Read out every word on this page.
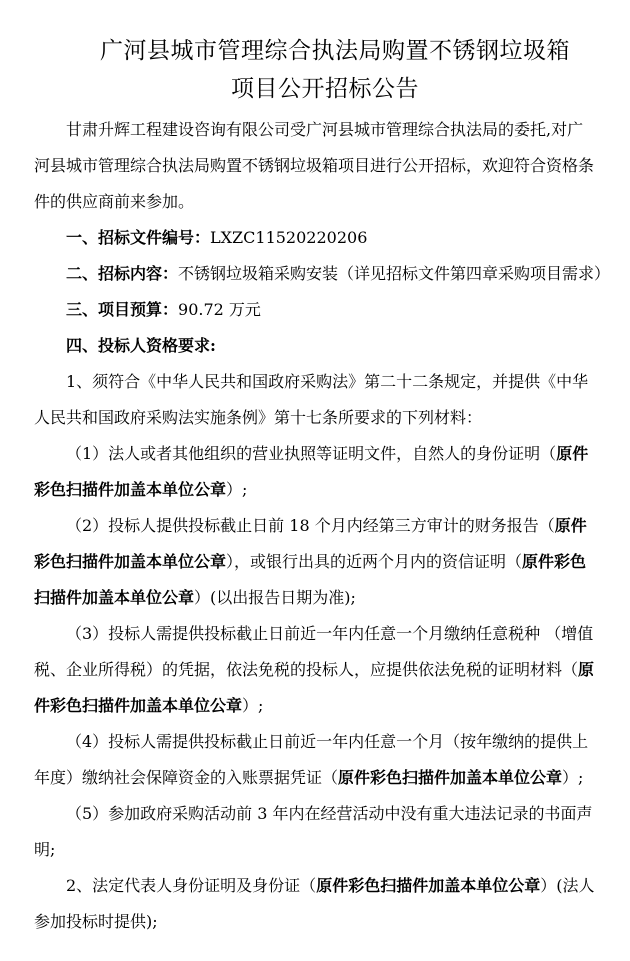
广河县城市管理综合执法局购置不锈钢垃圾箱
项目公开招标公告
甘肃升辉工程建设咨询有限公司受广河县城市管理综合执法局的委托,对广
河县城市管理综合执法局购置不锈钢垃圾箱项目进行公开招标，欢迎符合资格条
件的供应商前来参加。
一、招标文件编号：LXZC11520220206
二、招标内容：不锈钢垃圾箱采购安装（详见招标文件第四章采购项目需求）
三、项目预算：90.72 万元
四、投标人资格要求:
1、须符合《中华人民共和国政府采购法》第二十二条规定，并提供《中华
人民共和国政府采购法实施条例》第十七条所要求的下列材料：
（1）法人或者其他组织的营业执照等证明文件，自然人的身份证明（原件
彩色扫描件加盖本单位公章）;
（2）投标人提供投标截止日前 18 个月内经第三方审计的财务报告（原件
彩色扫描件加盖本单位公章），或银行出具的近两个月内的资信证明（原件彩色
扫描件加盖本单位公章）(以出报告日期为准);
（3）投标人需提供投标截止日前近一年内任意一个月缴纳任意税种 （增值
税、企业所得税）的凭据，依法免税的投标人，应提供依法免税的证明材料（原
件彩色扫描件加盖本单位公章）;
（4）投标人需提供投标截止日前近一年内任意一个月（按年缴纳的提供上
年度）缴纳社会保障资金的入账票据凭证（原件彩色扫描件加盖本单位公章）;
（5）参加政府采购活动前 3 年内在经营活动中没有重大违法记录的书面声
明;
2、法定代表人身份证明及身份证（原件彩色扫描件加盖本单位公章）(法人
参加投标时提供);
